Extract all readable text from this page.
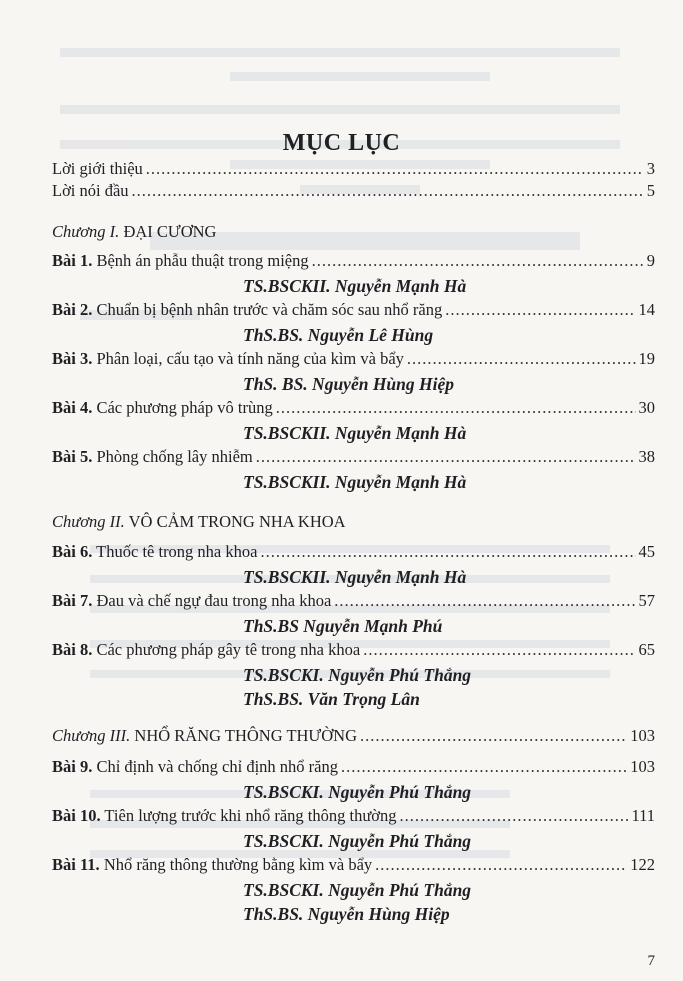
MỤC LỤC
Lời giới thiệu .....	3
Lời nói đầu .....	5
Chương I. ĐẠI CƯƠNG
Bài 1. Bệnh án phẫu thuật trong miệng .....	9
TS.BSCKII. Nguyễn Mạnh Hà
Bài 2. Chuẩn bị bệnh nhân trước và chăm sóc sau nhổ răng .....	14
ThS.BS. Nguyễn Lê Hùng
Bài 3. Phân loại, cấu tạo và tính năng của kìm và bẩy .....	19
ThS. BS. Nguyễn Hùng Hiệp
Bài 4. Các phương pháp vô trùng .....	30
TS.BSCKII. Nguyễn Mạnh Hà
Bài 5. Phòng chống lây nhiễm .....	38
TS.BSCKII. Nguyễn Mạnh Hà
Chương II. VÔ CẢM TRONG NHA KHOA
Bài 6. Thuốc tê trong nha khoa .....	45
TS.BSCKII. Nguyễn Mạnh Hà
Bài 7. Đau và chế ngự đau trong nha khoa .....	57
ThS.BS Nguyễn Mạnh Phú
Bài 8. Các phương pháp gây tê trong nha khoa .....	65
TS.BSCKI. Nguyễn Phú Thắng
ThS.BS. Văn Trọng Lân
Chương III. NHỔ RĂNG THÔNG THƯỜNG .....	103
Bài 9. Chỉ định và chống chỉ định nhổ răng .....	103
TS.BSCKI. Nguyễn Phú Thắng
Bài 10. Tiên lượng trước khi nhổ răng thông thường .....	111
TS.BSCKI. Nguyễn Phú Thắng
Bài 11. Nhổ răng thông thường bằng kìm và bẩy .....	122
TS.BSCKI. Nguyễn Phú Thắng
ThS.BS. Nguyễn Hùng Hiệp
7
